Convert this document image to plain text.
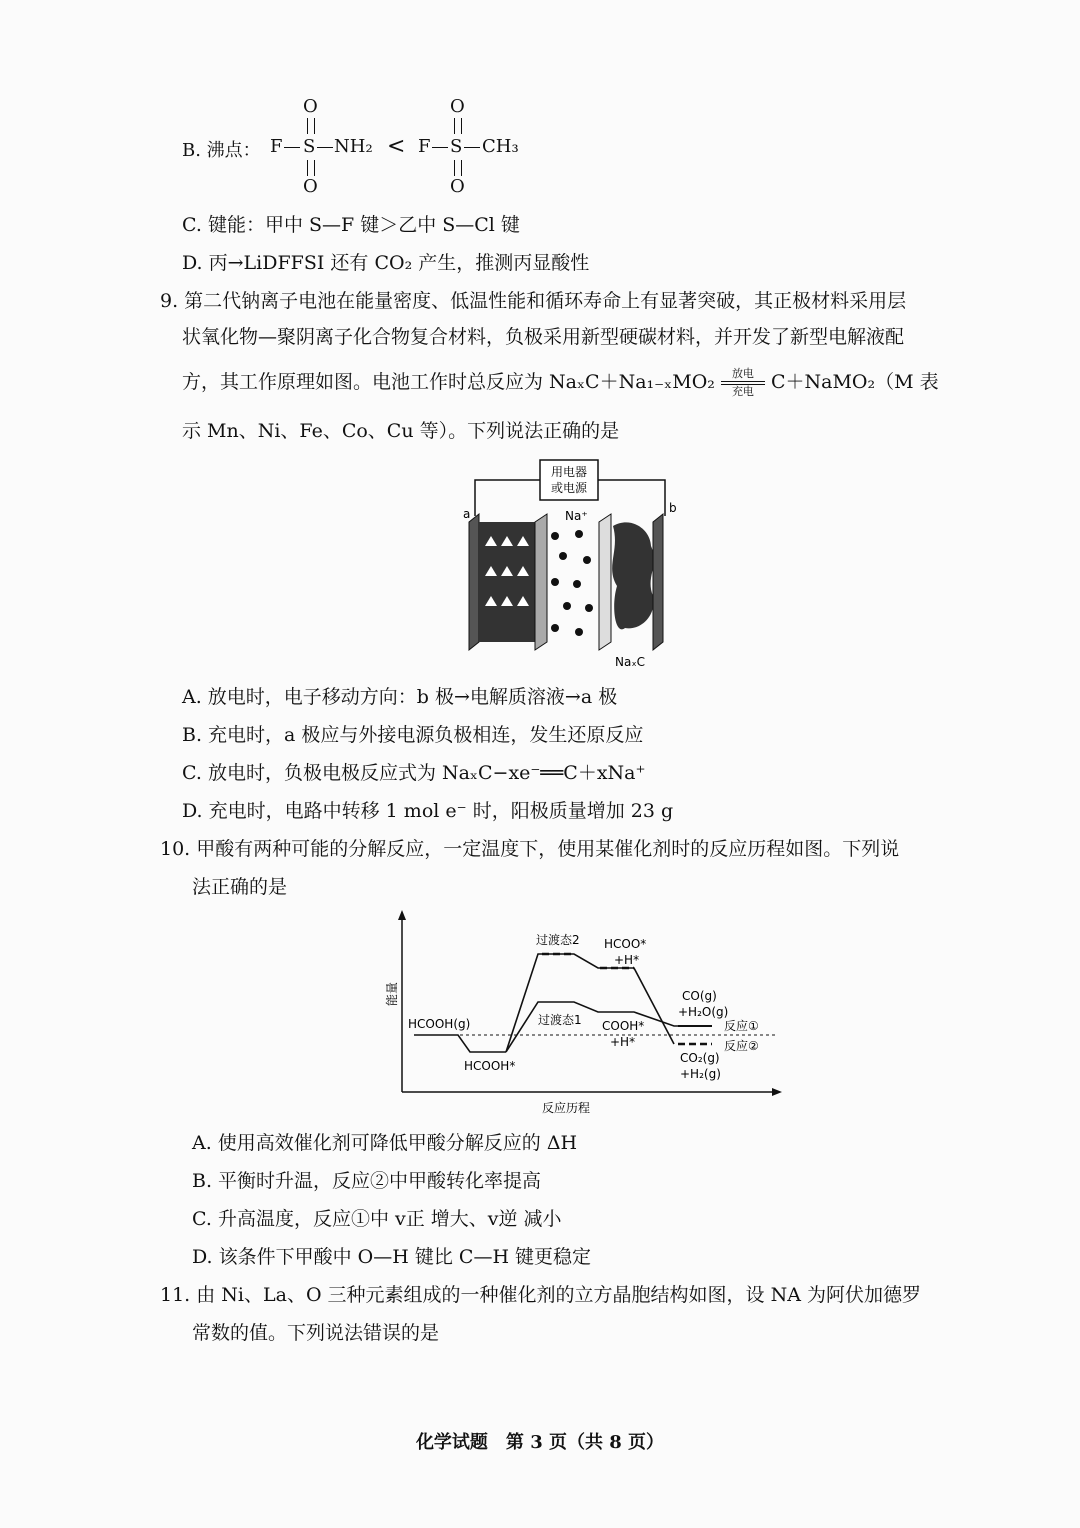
B. 沸点：
O
F S NH₂
O
<
O
F S CH₃
O
C. 键能：甲中 S—F 键＞乙中 S—Cl 键
D. 丙→LiDFFSI 还有 CO₂ 产生，推测丙显酸性
9. 第二代钠离子电池在能量密度、低温性能和循环寿命上有显著突破，其正极材料采用层
状氧化物—聚阴离子化合物复合材料，负极采用新型硬碳材料，并开发了新型电解液配
方，其工作原理如图。电池工作时总反应为 NaₓC＋Na₁₋ₓMO₂	放电
充电 C＋NaMO₂（M 表
示 Mn、Ni、Fe、Co、Cu 等）。下列说法正确的是
用电器
或电源
a	b
Na⁺
NaₓC
A. 放电时，电子移动方向：b 极→电解质溶液→a 极
B. 充电时，a 极应与外接电源负极相连，发生还原反应
C. 放电时，负极电极反应式为 NaₓC−xe⁻══C＋xNa⁺
D. 充电时，电路中转移 1 mol e⁻ 时，阳极质量增加 23 g
10. 甲酸有两种可能的分解反应，一定温度下，使用某催化剂时的反应历程如图。下列说
法正确的是
能量
反应历程
过渡态2 HCOO*
+H*
CO(g)
+H₂O(g)
HCOOH(g)	过渡态1 COOH*
+H*
反应①
反应②
HCOOH*
CO₂(g)
+H₂(g)
A. 使用高效催化剂可降低甲酸分解反应的 ΔH
B. 平衡时升温，反应②中甲酸转化率提高
C. 升高温度，反应①中 v正 增大、v逆 减小
D. 该条件下甲酸中 O—H 键比 C—H 键更稳定
11. 由 Ni、La、O 三种元素组成的一种催化剂的立方晶胞结构如图，设 NA 为阿伏加德罗
常数的值。下列说法错误的是
化学试题　第 3 页（共 8 页）
